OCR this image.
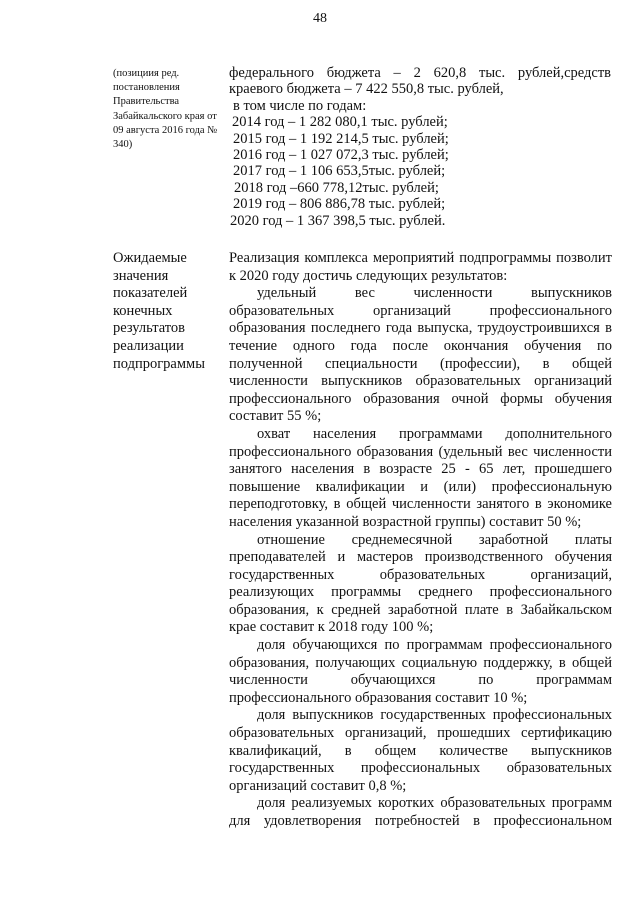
48
(позициия ред. постановления Правительства Забайкальского края от 09 августа 2016 года № 340)
федерального бюджета – 2 620,8 тыс. рублей,средств краевого бюджета – 7 422 550,8 тыс. рублей,
в том числе по годам:
2014 год – 1 282 080,1 тыс. рублей;
2015 год – 1 192 214,5 тыс. рублей;
2016 год – 1 027 072,3 тыс. рублей;
2017 год – 1 106 653,5тыс. рублей;
2018 год –660 778,12тыс. рублей;
2019 год – 806 886,78 тыс. рублей;
2020 год – 1 367 398,5 тыс. рублей.
Ожидаемые значения показателей конечных результатов реализации подпрограммы

Реализация комплекса мероприятий подпрограммы позволит к 2020 году достичь следующих результатов:

удельный вес численности выпускников образовательных организаций профессионального образования последнего года выпуска, трудоустроившихся в течение одного года после окончания обучения по полученной специальности (профессии), в общей численности выпускников образовательных организаций профессионального образования очной формы обучения составит 55 %;

охват населения программами дополнительного профессионального образования (удельный вес численности занятого населения в возрасте 25 - 65 лет, прошедшего повышение квалификации и (или) профессиональную переподготовку, в общей численности занятого в экономике населения указанной возрастной группы) составит 50 %;

отношение среднемесячной заработной платы преподавателей и мастеров производственного обучения государственных образовательных организаций, реализующих программы среднего профессионального образования, к средней заработной плате в Забайкальском крае составит к 2018 году 100 %;

доля обучающихся по программам профессионального образования, получающих социальную поддержку, в общей численности обучающихся по программам профессионального образования составит 10 %;

доля выпускников государственных профессиональных образовательных организаций, прошедших сертификацию квалификаций, в общем количестве выпускников государственных профессиональных образовательных организаций составит 0,8 %;

доля реализуемых коротких образовательных программ для удовлетворения потребностей в профессиональном
